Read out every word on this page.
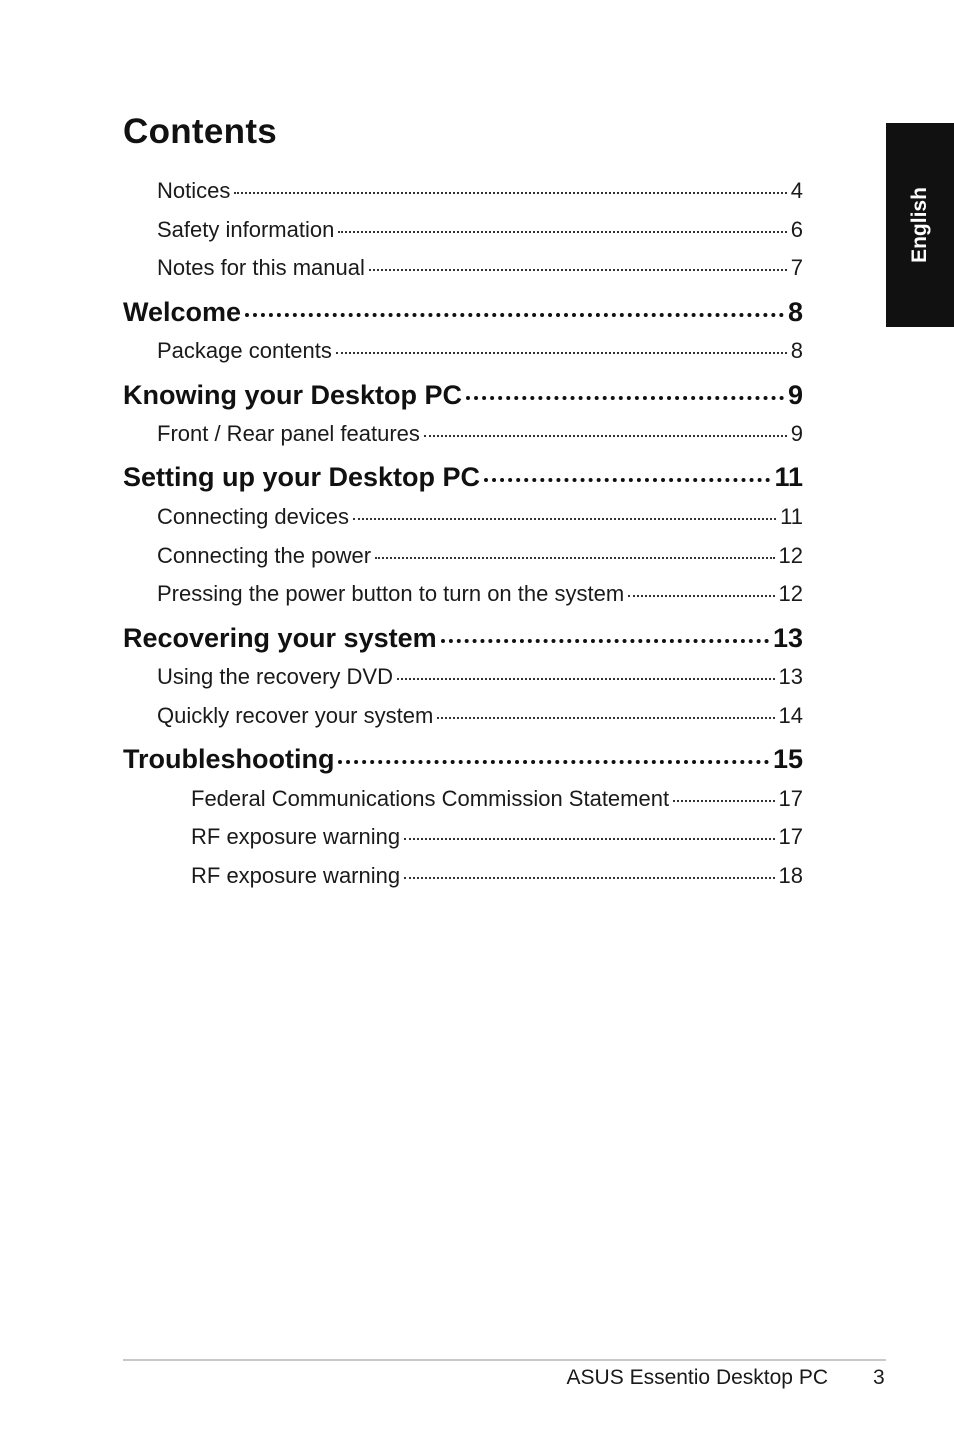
Contents
English
Notices	4
Safety information	6
Notes for this manual	7
Welcome	8
Package contents	8
Knowing your Desktop PC	9
Front / Rear panel features	9
Setting up your Desktop PC	11
Connecting devices	11
Connecting the power	12
Pressing the power button to turn on the system	12
Recovering your system	13
Using the recovery DVD	13
Quickly recover your system	14
Troubleshooting	15
Federal Communications Commission Statement	17
RF exposure warning	17
RF exposure warning	18
ASUS Essentio Desktop PC 3
